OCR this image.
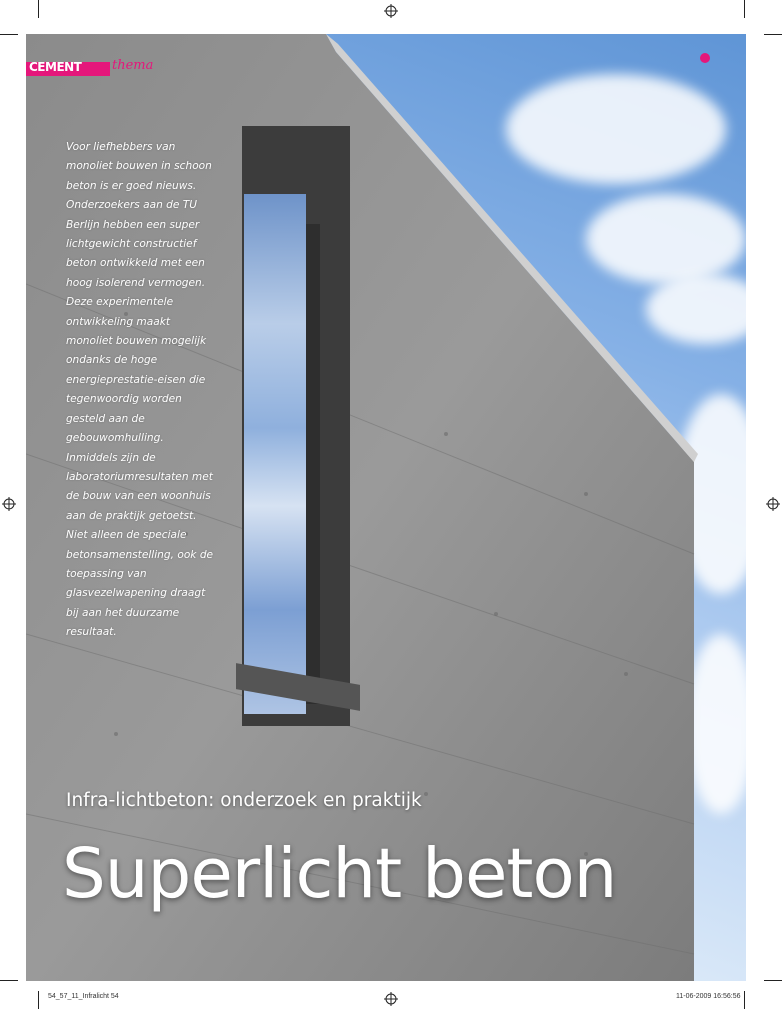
CEMENT thema
Voor liefhebbers van monoliet bouwen in schoon beton is er goed nieuws. Onderzoekers aan de TU Berlijn hebben een super lichtgewicht constructief beton ontwikkeld met een hoog isolerend vermogen. Deze experimentele ontwikkeling maakt monoliet bouwen mogelijk ondanks de hoge energieprestatie-eisen die tegenwoordig worden gesteld aan de gebouwomhulling. Inmiddels zijn de laboratoriumresultaten met de bouw van een woonhuis aan de praktijk getoetst. Niet alleen de speciale betonsamenstelling, ook de toepassing van glasvezelwapening draagt bij aan het duurzame resultaat.
Infra-lichtbeton: onderzoek en praktijk
Superlicht beton
54_57_11_Infralicht 54	11-06-2009 16:56:56
